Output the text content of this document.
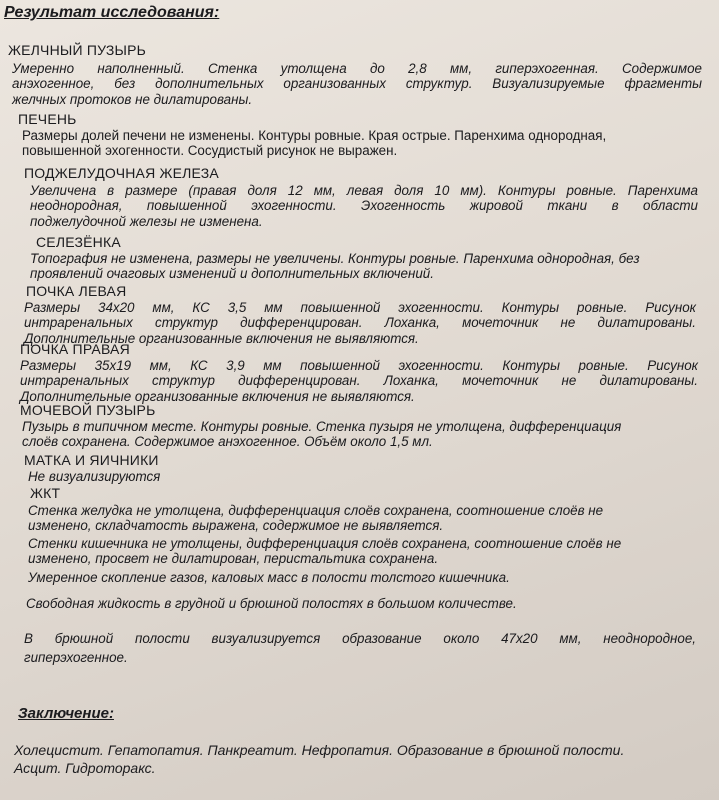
Результат исследования:
ЖЕЛЧНЫЙ ПУЗЫРЬ
Умеренно наполненный. Стенка утолщена до 2,8 мм, гиперэхогенная. Содержимое
анэхогенное, без дополнительных организованных структур. Визуализируемые фрагменты
желчных протоков не дилатированы.
ПЕЧЕНЬ
Размеры долей печени не изменены. Контуры ровные. Края острые. Паренхима однородная,
повышенной эхогенности. Сосудистый рисунок не выражен.
ПОДЖЕЛУДОЧНАЯ ЖЕЛЕЗА
Увеличена в размере (правая доля 12 мм, левая доля 10 мм). Контуры ровные. Паренхима
неоднородная, повышенной эхогенности. Эхогенность жировой ткани в области
поджелудочной железы не изменена.
СЕЛЕЗЁНКА
Топография не изменена, размеры не увеличены. Контуры ровные. Паренхима однородная, без
проявлений очаговых изменений и дополнительных включений.
ПОЧКА ЛЕВАЯ
Размеры 34х20 мм, КС 3,5 мм повышенной эхогенности. Контуры ровные. Рисунок
интраренальных структур дифференцирован. Лоханка, мочеточник не дилатированы.
Дополнительные организованные включения не выявляются.
ПОЧКА ПРАВАЯ
Размеры 35х19 мм, КС 3,9 мм повышенной эхогенности. Контуры ровные. Рисунок
интраренальных структур дифференцирован. Лоханка, мочеточник не дилатированы.
Дополнительные организованные включения не выявляются.
МОЧЕВОЙ ПУЗЫРЬ
Пузырь в типичном месте. Контуры ровные. Стенка пузыря не утолщена, дифференциация
слоёв сохранена. Содержимое анэхогенное. Объём около 1,5 мл.
МАТКА И ЯИЧНИКИ
Не визуализируются
ЖКТ
Стенка желудка не утолщена, дифференциация слоёв сохранена, соотношение слоёв не
изменено, складчатость выражена, содержимое не выявляется.
Стенки кишечника не утолщены, дифференциация слоёв сохранена, соотношение слоёв не
изменено, просвет не дилатирован, перистальтика сохранена.
Умеренное скопление газов, каловых масс в полости толстого кишечника.
Свободная жидкость в грудной и брюшной полостях в большом количестве.
В брюшной полости визуализируется образование около 47х20 мм, неоднородное,
гиперэхогенное.
Заключение:
Холецистит. Гепатопатия. Панкреатит. Нефропатия. Образование в брюшной полости.
Асцит. Гидроторакс.
